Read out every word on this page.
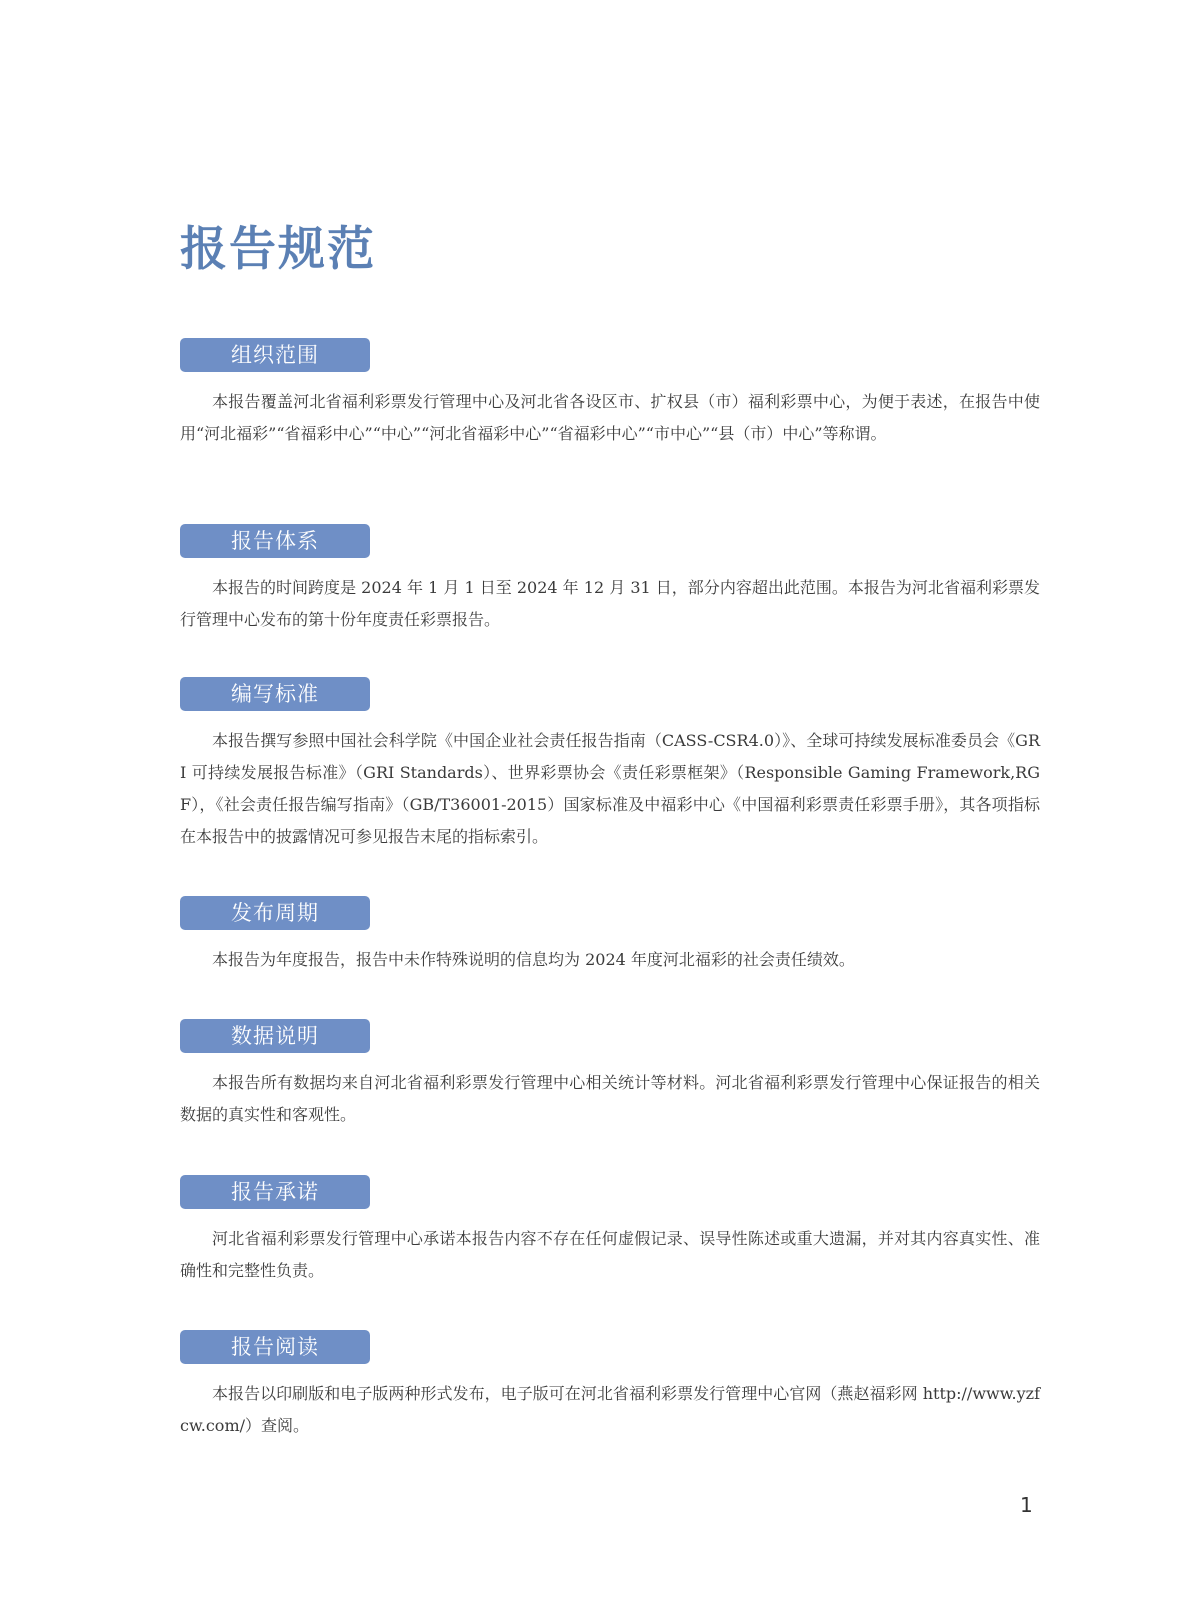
报告规范
组织范围

本报告覆盖河北省福利彩票发行管理中心及河北省各设区市、扩权县（市）福利彩票中心，为便于表述，在报告中使用“河北福彩”“省福彩中心”“中心”“河北省福彩中心”“省福彩中心”“市中心”“县（市）中心”等称谓。

报告体系

本报告的时间跨度是 2024 年 1 月 1 日至 2024 年 12 月 31 日，部分内容超出此范围。本报告为河北省福利彩票发行管理中心发布的第十份年度责任彩票报告。

编写标准

本报告撰写参照中国社会科学院《中国企业社会责任报告指南（CASS-CSR4.0）》、全球可持续发展标准委员会《GRI 可持续发展报告标准》（GRI Standards）、世界彩票协会《责任彩票框架》（Responsible Gaming Framework,RGF），《社会责任报告编写指南》（GB/T36001-2015）国家标准及中福彩中心《中国福利彩票责任彩票手册》，其各项指标在本报告中的披露情况可参见报告末尾的指标索引。

发布周期

本报告为年度报告，报告中未作特殊说明的信息均为 2024 年度河北福彩的社会责任绩效。

数据说明

本报告所有数据均来自河北省福利彩票发行管理中心相关统计等材料。河北省福利彩票发行管理中心保证报告的相关数据的真实性和客观性。

报告承诺

河北省福利彩票发行管理中心承诺本报告内容不存在任何虚假记录、误导性陈述或重大遗漏，并对其内容真实性、准确性和完整性负责。

报告阅读

本报告以印刷版和电子版两种形式发布，电子版可在河北省福利彩票发行管理中心官网（燕赵福彩网 http://www.yzfcw.com/）查阅。

1
